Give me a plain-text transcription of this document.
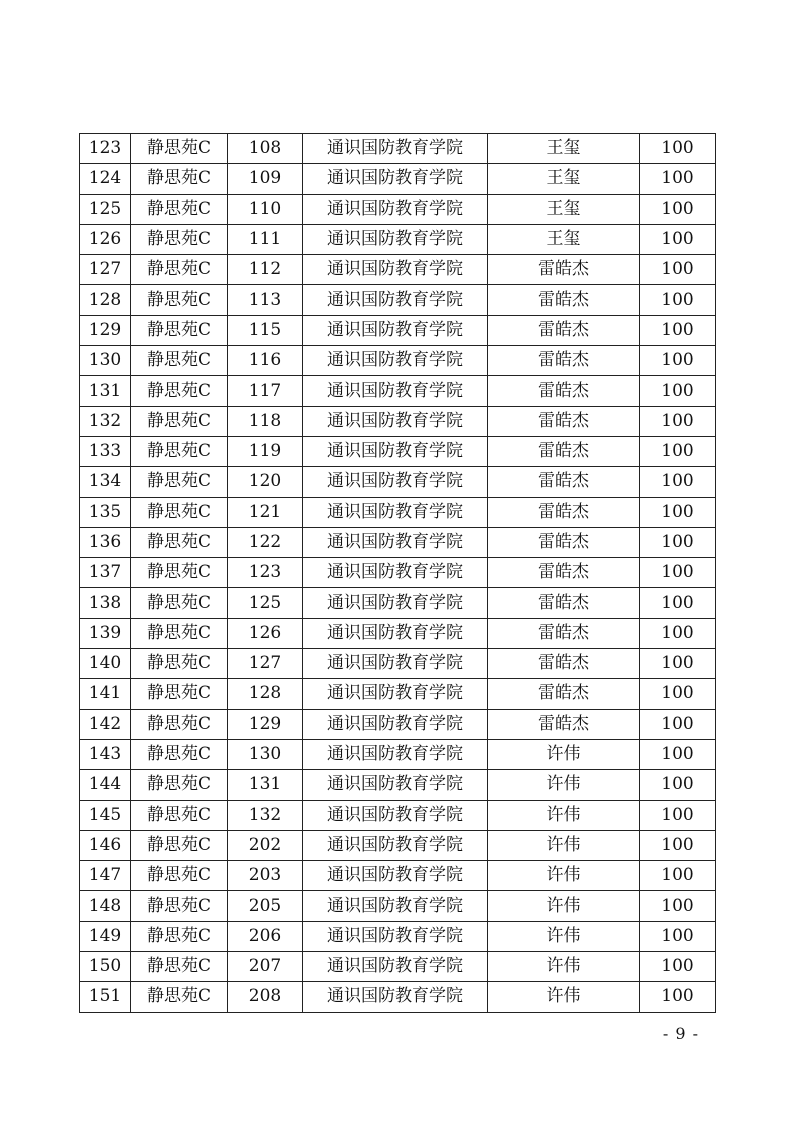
123	静思苑C	108	通识国防教育学院	王玺	100
124	静思苑C	109	通识国防教育学院	王玺	100
125	静思苑C	110	通识国防教育学院	王玺	100
126	静思苑C	111	通识国防教育学院	王玺	100
127	静思苑C	112	通识国防教育学院	雷皓杰	100
128	静思苑C	113	通识国防教育学院	雷皓杰	100
129	静思苑C	115	通识国防教育学院	雷皓杰	100
130	静思苑C	116	通识国防教育学院	雷皓杰	100
131	静思苑C	117	通识国防教育学院	雷皓杰	100
132	静思苑C	118	通识国防教育学院	雷皓杰	100
133	静思苑C	119	通识国防教育学院	雷皓杰	100
134	静思苑C	120	通识国防教育学院	雷皓杰	100
135	静思苑C	121	通识国防教育学院	雷皓杰	100
136	静思苑C	122	通识国防教育学院	雷皓杰	100
137	静思苑C	123	通识国防教育学院	雷皓杰	100
138	静思苑C	125	通识国防教育学院	雷皓杰	100
139	静思苑C	126	通识国防教育学院	雷皓杰	100
140	静思苑C	127	通识国防教育学院	雷皓杰	100
141	静思苑C	128	通识国防教育学院	雷皓杰	100
142	静思苑C	129	通识国防教育学院	雷皓杰	100
143	静思苑C	130	通识国防教育学院	许伟	100
144	静思苑C	131	通识国防教育学院	许伟	100
145	静思苑C	132	通识国防教育学院	许伟	100
146	静思苑C	202	通识国防教育学院	许伟	100
147	静思苑C	203	通识国防教育学院	许伟	100
148	静思苑C	205	通识国防教育学院	许伟	100
149	静思苑C	206	通识国防教育学院	许伟	100
150	静思苑C	207	通识国防教育学院	许伟	100
151	静思苑C	208	通识国防教育学院	许伟	100
- 9 -
